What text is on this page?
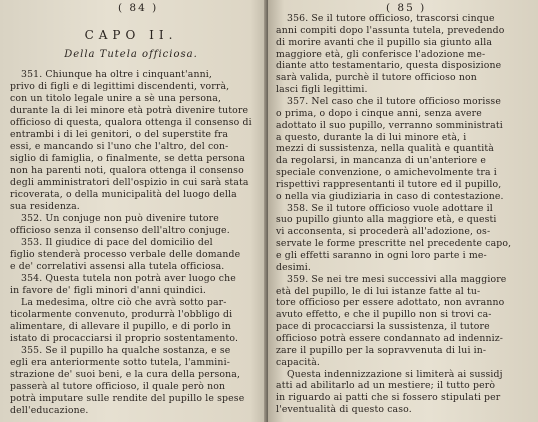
( 84 )
CAPO II.
Della Tutela officiosa.
351. Chiunque ha oltre i cinquant'anni,
privo di figli e di legittimi discendenti, vorrà,
con un titolo legale unire a sè una persona,
durante la di lei minore età potrà divenire tutore
officioso di questa, qualora ottenga il consenso di
entrambi i di lei genitori, o del superstite fra
essi, e mancando si l'uno che l'altro, del con-
siglio di famiglia, o finalmente, se detta persona
non ha parenti noti, qualora ottenga il consenso
degli amministratori dell'ospizio in cui sarà stata
ricoverata, o della municipalità del luogo della
sua residenza.
352. Un conjuge non può divenire tutore
officioso senza il consenso dell'altro conjuge.
353. Il giudice di pace del domicilio del
figlio stenderà processo verbale delle domande
e de' correlativi assensi alla tutela officiosa.
354. Questa tutela non potrà aver luogo che
in favore de' figli minori d'anni quindici.
La medesima, oltre ciò che avrà sotto par-
ticolarmente convenuto, produrrà l'obbligo di
alimentare, di allevare il pupillo, e di porlo in
istato di procacciarsi il proprio sostentamento.
355. Se il pupillo ha qualche sostanza, e se
egli era anteriormente sotto tutela, l'ammini-
strazione de' suoi beni, e la cura della persona,
passerà al tutore officioso, il quale però non
potrà imputare sulle rendite del pupillo le spese
dell'educazione.
( 85 )
356. Se il tutore officioso, trascorsi cinque
anni compiti dopo l'assunta tutela, prevedendo
di morire avanti che il pupillo sia giunto alla
maggiore età, gli conferisce l'adozione me-
diante atto testamentario, questa disposizione
sarà valida, purchè il tutore officioso non
lasci figli legittimi.
357. Nel caso che il tutore officioso morisse
o prima, o dopo i cinque anni, senza avere
adottato il suo pupillo, verranno somministrati
a questo, durante la di lui minore età, i
mezzi di sussistenza, nella qualità e quantità
da regolarsi, in mancanza di un'anteriore e
speciale convenzione, o amichevolmente tra i
rispettivi rappresentanti il tutore ed il pupillo,
o nella via giudiziaria in caso di contestazione.
358. Se il tutore officioso vuole adottare il
suo pupillo giunto alla maggiore età, e questi
vi acconsenta, si procederà all'adozione, os-
servate le forme prescritte nel precedente capo,
e gli effetti saranno in ogni loro parte i me-
desimi.
359. Se nei tre mesi successivi alla maggiore
età del pupillo, le di lui istanze fatte al tu-
tore officioso per essere adottato, non avranno
avuto effetto, e che il pupillo non si trovi ca-
pace di procacciarsi la sussistenza, il tutore
officioso potrà essere condannato ad indenniz-
zare il pupillo per la sopravvenuta di lui in-
capacità.
Questa indennizzazione si limiterà ai sussidj
atti ad abilitarlo ad un mestiere; il tutto però
in riguardo ai patti che si fossero stipulati per
l'eventualità di questo caso.
